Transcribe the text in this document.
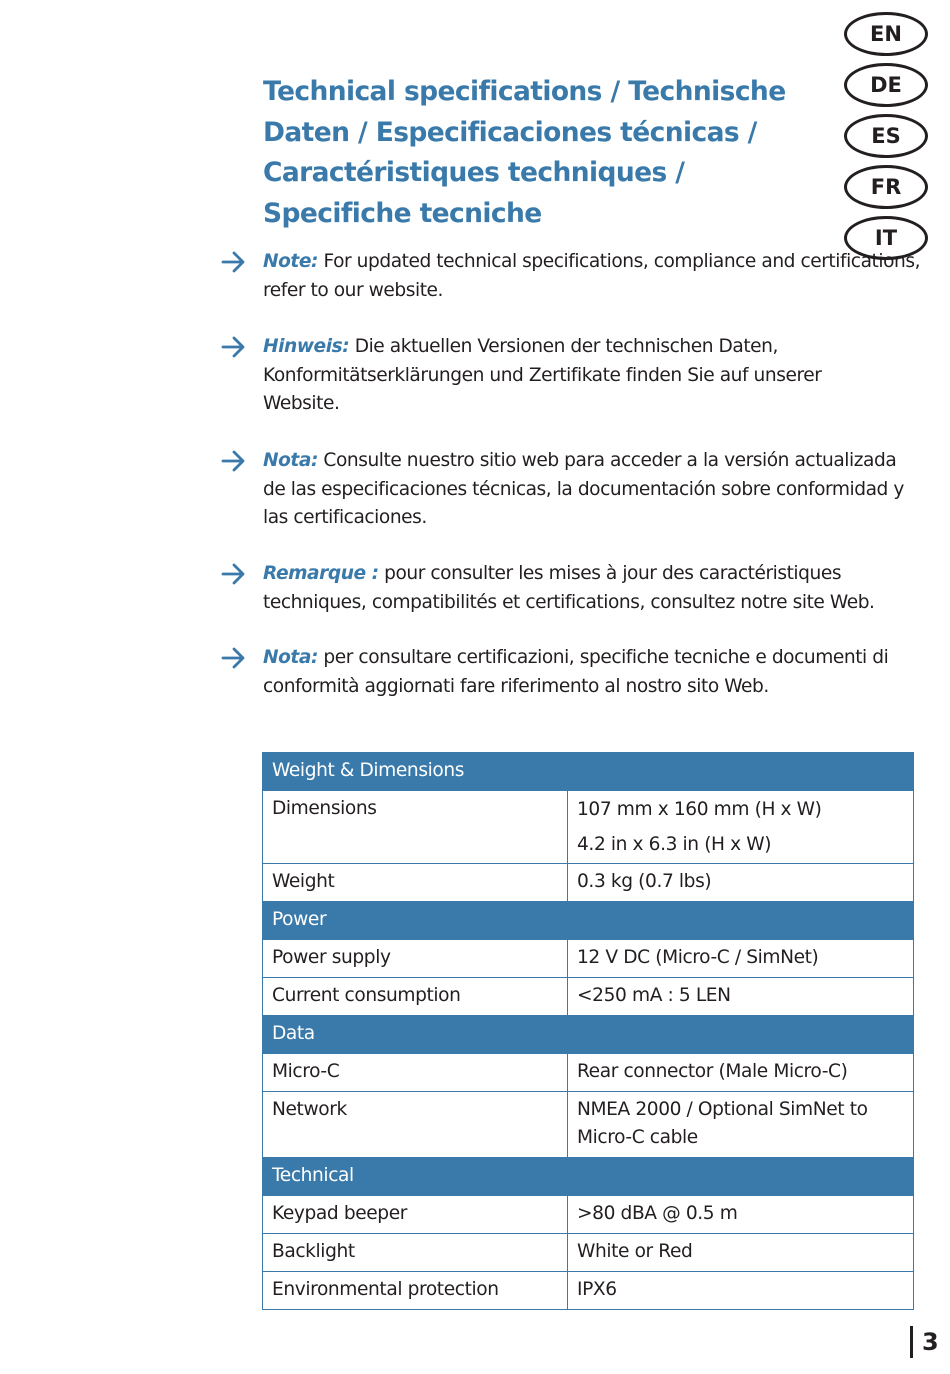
EN
DE
ES
FR
IT
Technical specifications / Technische Daten / Especificaciones técnicas / Caractéristiques techniques / Specifiche tecniche
Note: For updated technical specifications, compliance and certifications, refer to our website.
Hinweis: Die aktuellen Versionen der technischen Daten, Konformitätserklärungen und Zertifikate finden Sie auf unserer Website.
Nota: Consulte nuestro sitio web para acceder a la versión actualizada de las especificaciones técnicas, la documentación sobre conformidad y las certificaciones.
Remarque : pour consulter les mises à jour des caractéristiques techniques, compatibilités et certifications, consultez notre site Web.
Nota: per consultare certificazioni, specifiche tecniche e documenti di conformità aggiornati fare riferimento al nostro sito Web.
Weight & Dimensions	
Dimensions	107 mm x 160 mm (H x W)
4.2 in x 6.3 in (H x W)

Weight	0.3 kg (0.7 lbs)
Power	
Power supply	12 V DC (Micro-C / SimNet)
Current consumption	<250 mA : 5 LEN
Data	
Micro-C	Rear connector (Male Micro-C)
Network	NMEA 2000 / Optional SimNet to Micro-C cable
Technical	
Keypad beeper	>80 dBA @ 0.5 m
Backlight	White or Red
Environmental protection	IPX6
3
